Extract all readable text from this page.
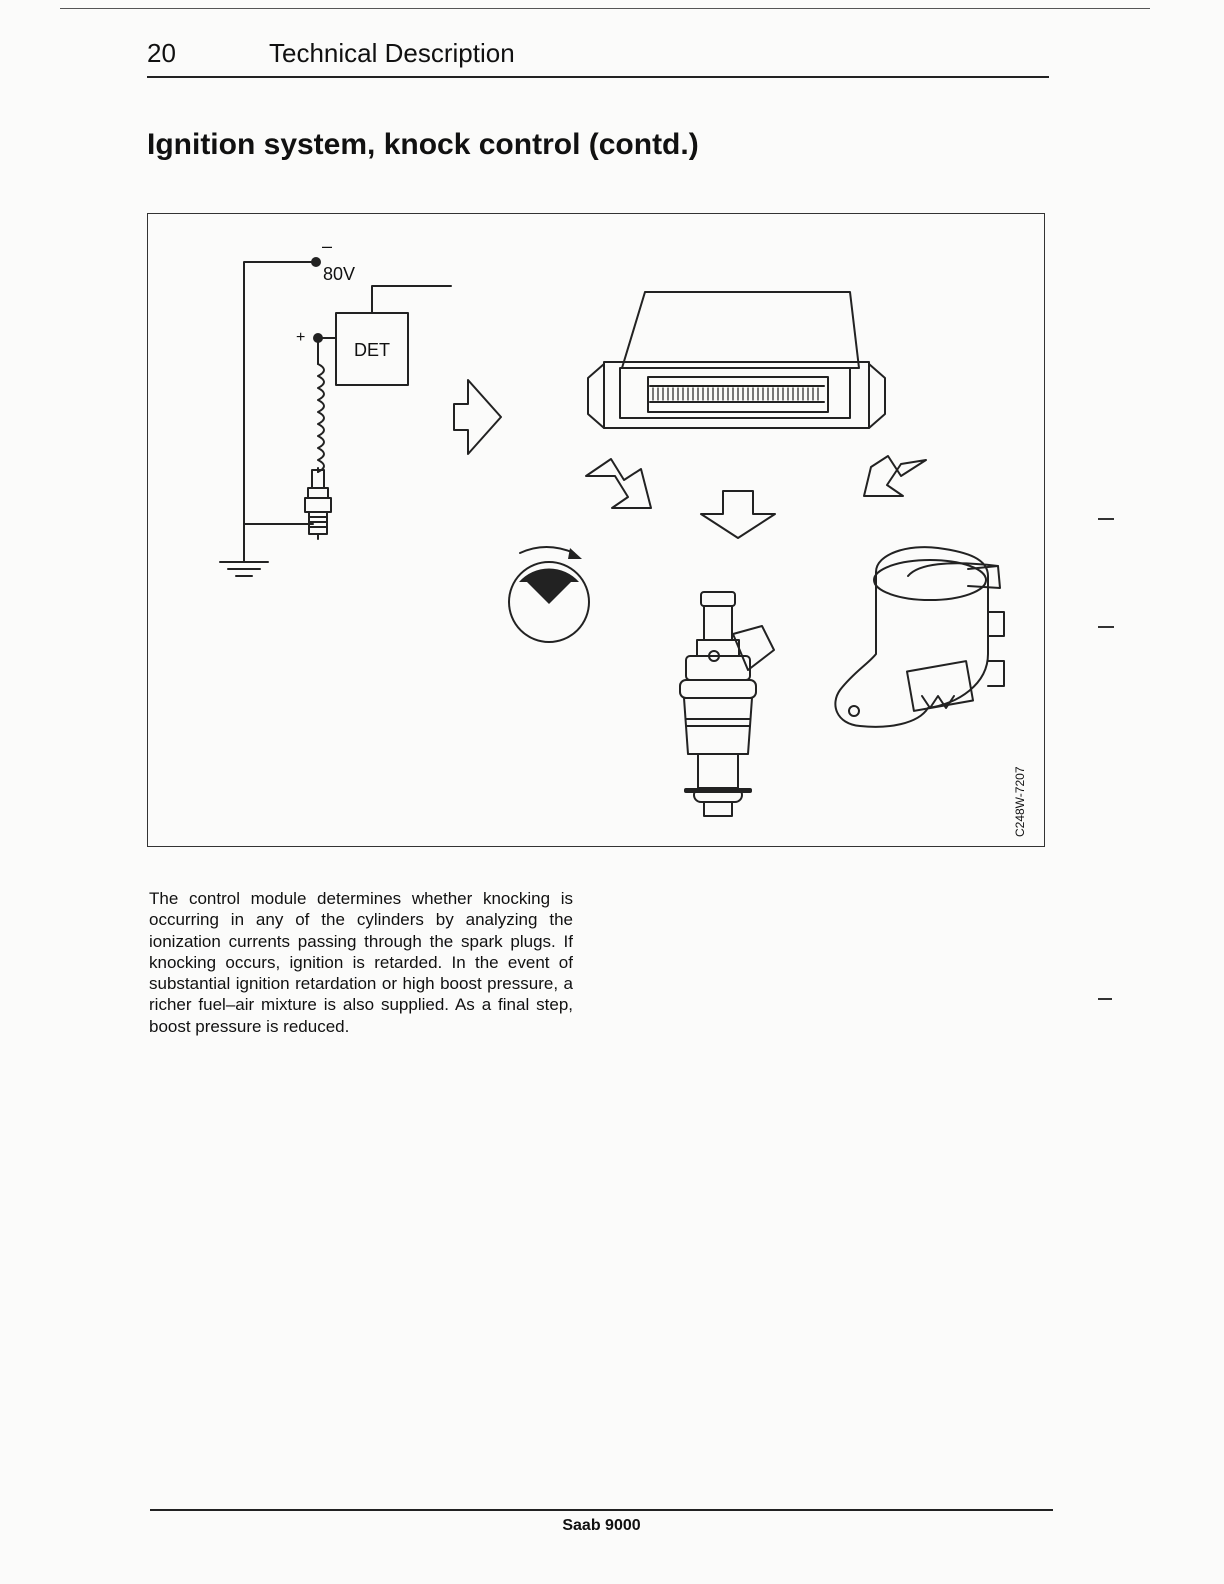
20	Technical Description
Ignition system, knock control (contd.)
–
80V
+
DET
C248W-7207

The control module determines whether knocking is occurring in any of the cylinders by analyzing the ionization currents passing through the spark plugs. If knocking occurs, ignition is retarded. In the event of substantial ignition retardation or high boost pressure, a richer fuel–air mixture is also supplied. As a final step, boost pressure is reduced.

Saab 9000
